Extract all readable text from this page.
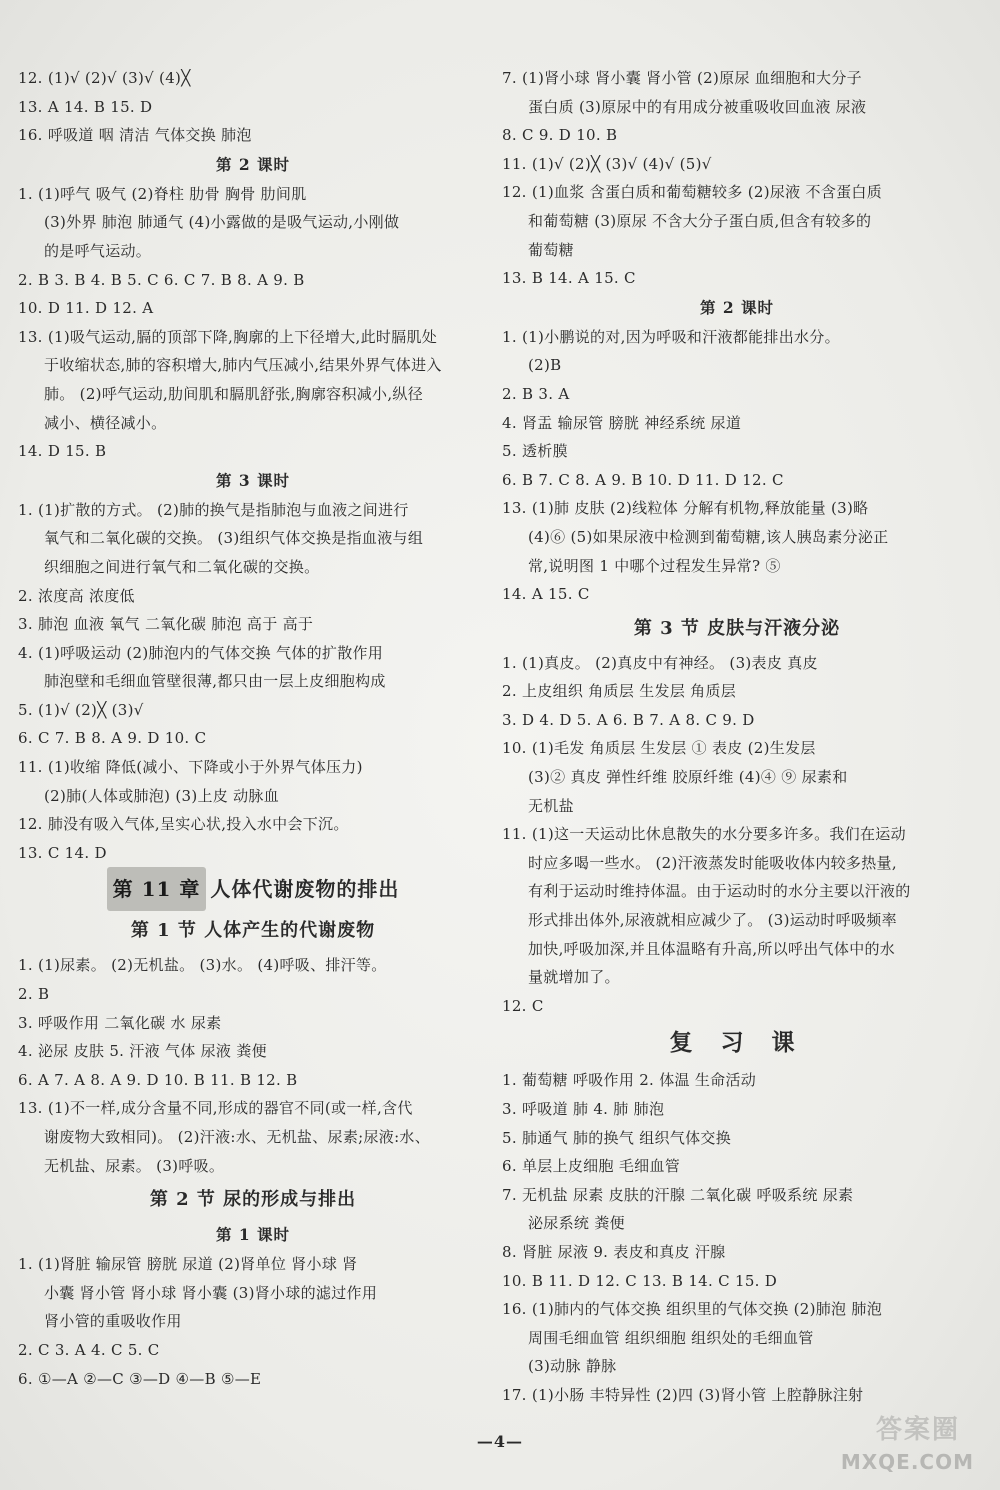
12. (1)√ (2)√ (3)√ (4)╳
13. A 14. B 15. D
16. 呼吸道 咽 清洁 气体交换 肺泡
第 2 课时
1. (1)呼气 吸气 (2)脊柱 肋骨 胸骨 肋间肌
(3)外界 肺泡 肺通气 (4)小露做的是吸气运动,小刚做
的是呼气运动。
2. B 3. B 4. B 5. C 6. C 7. B 8. A 9. B
10. D 11. D 12. A
13. (1)吸气运动,膈的顶部下降,胸廓的上下径增大,此时膈肌处
于收缩状态,肺的容积增大,肺内气压减小,结果外界气体进入
肺。 (2)呼气运动,肋间肌和膈肌舒张,胸廓容积减小,纵径
减小、横径减小。
14. D 15. B
第 3 课时
1. (1)扩散的方式。 (2)肺的换气是指肺泡与血液之间进行
氧气和二氧化碳的交换。 (3)组织气体交换是指血液与组
织细胞之间进行氧气和二氧化碳的交换。
2. 浓度高 浓度低
3. 肺泡 血液 氧气 二氧化碳 肺泡 高于 高于
4. (1)呼吸运动 (2)肺泡内的气体交换 气体的扩散作用
肺泡壁和毛细血管壁很薄,都只由一层上皮细胞构成
5. (1)√ (2)╳ (3)√
6. C 7. B 8. A 9. D 10. C
11. (1)收缩 降低(减小、下降或小于外界气体压力)
(2)肺(人体或肺泡) (3)上皮 动脉血
12. 肺没有吸入气体,呈实心状,投入水中会下沉。
13. C 14. D
第 11 章 人体代谢废物的排出
第 1 节 人体产生的代谢废物
1. (1)尿素。 (2)无机盐。 (3)水。 (4)呼吸、排汗等。
2. B
3. 呼吸作用 二氧化碳 水 尿素
4. 泌尿 皮肤 5. 汗液 气体 尿液 粪便
6. A 7. A 8. A 9. D 10. B 11. B 12. B
13. (1)不一样,成分含量不同,形成的器官不同(或一样,含代
谢废物大致相同)。 (2)汗液:水、无机盐、尿素;尿液:水、
无机盐、尿素。 (3)呼吸。
第 2 节 尿的形成与排出
第 1 课时
1. (1)肾脏 输尿管 膀胱 尿道 (2)肾单位 肾小球 肾
小囊 肾小管 肾小球 肾小囊 (3)肾小球的滤过作用
肾小管的重吸收作用
2. C 3. A 4. C 5. C
6. ①—A ②—C ③—D ④—B ⑤—E
7. (1)肾小球 肾小囊 肾小管 (2)原尿 血细胞和大分子
蛋白质 (3)原尿中的有用成分被重吸收回血液 尿液
8. C 9. D 10. B
11. (1)√ (2)╳ (3)√ (4)√ (5)√
12. (1)血浆 含蛋白质和葡萄糖较多 (2)尿液 不含蛋白质
和葡萄糖 (3)原尿 不含大分子蛋白质,但含有较多的
葡萄糖
13. B 14. A 15. C
第 2 课时
1. (1)小鹏说的对,因为呼吸和汗液都能排出水分。
(2)B
2. B 3. A
4. 肾盂 输尿管 膀胱 神经系统 尿道
5. 透析膜
6. B 7. C 8. A 9. B 10. D 11. D 12. C
13. (1)肺 皮肤 (2)线粒体 分解有机物,释放能量 (3)略
(4)⑥ (5)如果尿液中检测到葡萄糖,该人胰岛素分泌正
常,说明图 1 中哪个过程发生异常? ⑤
14. A 15. C
第 3 节 皮肤与汗液分泌
1. (1)真皮。 (2)真皮中有神经。 (3)表皮 真皮
2. 上皮组织 角质层 生发层 角质层
3. D 4. D 5. A 6. B 7. A 8. C 9. D
10. (1)毛发 角质层 生发层 ① 表皮 (2)生发层
(3)② 真皮 弹性纤维 胶原纤维 (4)④ ⑨ 尿素和
无机盐
11. (1)这一天运动比休息散失的水分要多许多。我们在运动
时应多喝一些水。 (2)汗液蒸发时能吸收体内较多热量,
有利于运动时维持体温。由于运动时的水分主要以汗液的
形式排出体外,尿液就相应减少了。 (3)运动时呼吸频率
加快,呼吸加深,并且体温略有升高,所以呼出气体中的水
量就增加了。
12. C
复 习 课
1. 葡萄糖 呼吸作用 2. 体温 生命活动
3. 呼吸道 肺 4. 肺 肺泡
5. 肺通气 肺的换气 组织气体交换
6. 单层上皮细胞 毛细血管
7. 无机盐 尿素 皮肤的汗腺 二氧化碳 呼吸系统 尿素
泌尿系统 粪便
8. 肾脏 尿液 9. 表皮和真皮 汗腺
10. B 11. D 12. C 13. B 14. C 15. D
16. (1)肺内的气体交换 组织里的气体交换 (2)肺泡 肺泡
周围毛细血管 组织细胞 组织处的毛细血管
(3)动脉 静脉
17. (1)小肠 丰特异性 (2)四 (3)肾小管 上腔静脉注射
—4—	答案圈
MXQE.COM
